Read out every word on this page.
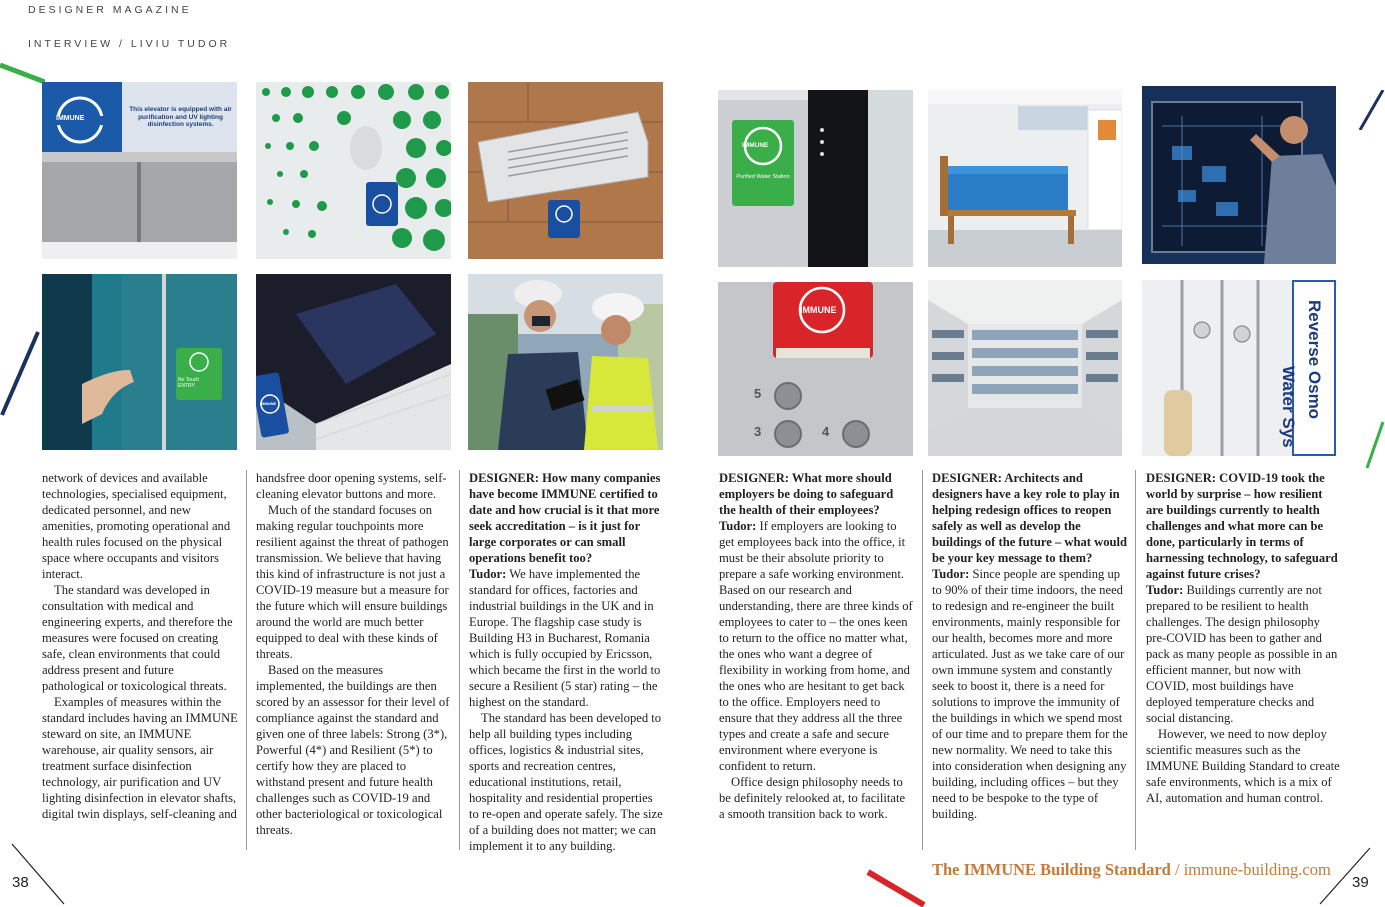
DESIGNER MAGAZINE
INTERVIEW / LIVIU TUDOR
IMMUNE
This elevator is equipped with air purification and UV lighting disinfection systems.
No Touch ENTRY
IMMUNE
IMMUNE
Purified Water Station
IMMUNE
5
3	4
Reverse Osmo
Water Sys

network of devices and available technologies, specialised equipment, dedicated personnel, and new amenities, promoting operational and health rules focused on the physical space where occupants and visitors interact.

The standard was developed in consultation with medical and engineering experts, and therefore the measures were focused on creating safe, clean environments that could address present and future pathological or toxicological threats.

Examples of measures within the standard includes having an IMMUNE steward on site, an IMMUNE warehouse, air quality sensors, air treatment surface disinfection technology, air purification and UV lighting disinfection in elevator shafts, digital twin displays, self-cleaning and

handsfree door opening systems, self-cleaning elevator buttons and more.

Much of the standard focuses on making regular touchpoints more resilient against the threat of pathogen transmission. We believe that having this kind of infrastructure is not just a COVID-19 measure but a measure for the future which will ensure buildings around the world are much better equipped to deal with these kinds of threats.

Based on the measures implemented, the buildings are then scored by an assessor for their level of compliance against the standard and given one of three labels: Strong (3*), Powerful (4*) and Resilient (5*) to certify how they are placed to withstand present and future health challenges such as COVID-19 and other bacteriological or toxicological threats.

DESIGNER: How many companies have become IMMUNE certified to date and how crucial is it that more seek accreditation – is it just for large corporates or can small operations benefit too?

Tudor: We have implemented the standard for offices, factories and industrial buildings in the UK and in Europe. The flagship case study is Building H3 in Bucharest, Romania which is fully occupied by Ericsson, which became the first in the world to secure a Resilient (5 star) rating – the highest on the standard.

The standard has been developed to help all building types including offices, logistics & industrial sites, sports and recreation centres, educational institutions, retail, hospitality and residential properties to re-open and operate safely. The size of a building does not matter; we can implement it to any building.

DESIGNER: What more should employers be doing to safeguard the health of their employees?

Tudor: If employers are looking to get employees back into the office, it must be their absolute priority to prepare a safe working environment. Based on our research and understanding, there are three kinds of employees to cater to – the ones keen to return to the office no matter what, the ones who want a degree of flexibility in working from home, and the ones who are hesitant to get back to the office. Employers need to ensure that they address all the three types and create a safe and secure environment where everyone is confident to return.

Office design philosophy needs to be definitely relooked at, to facilitate a smooth transition back to work.

DESIGNER: Architects and designers have a key role to play in helping redesign offices to reopen safely as well as develop the buildings of the future – what would be your key message to them?

Tudor: Since people are spending up to 90% of their time indoors, the need to redesign and re-engineer the built environments, mainly responsible for our health, becomes more and more articulated. Just as we take care of our own immune system and constantly seek to boost it, there is a need for solutions to improve the immunity of the buildings in which we spend most of our time and to prepare them for the new normality. We need to take this into consideration when designing any building, including offices – but they need to be bespoke to the type of building.

DESIGNER: COVID-19 took the world by surprise – how resilient are buildings currently to health challenges and what more can be done, particularly in terms of harnessing technology, to safeguard against future crises?

Tudor: Buildings currently are not prepared to be resilient to health challenges. The design philosophy pre-COVID has been to gather and pack as many people as possible in an efficient manner, but now with COVID, most buildings have deployed temperature checks and social distancing.

However, we need to now deploy scientific measures such as the IMMUNE Building Standard to create safe environments, which is a mix of AI, automation and human control.

38	39
The IMMUNE Building Standard / immune-building.com
